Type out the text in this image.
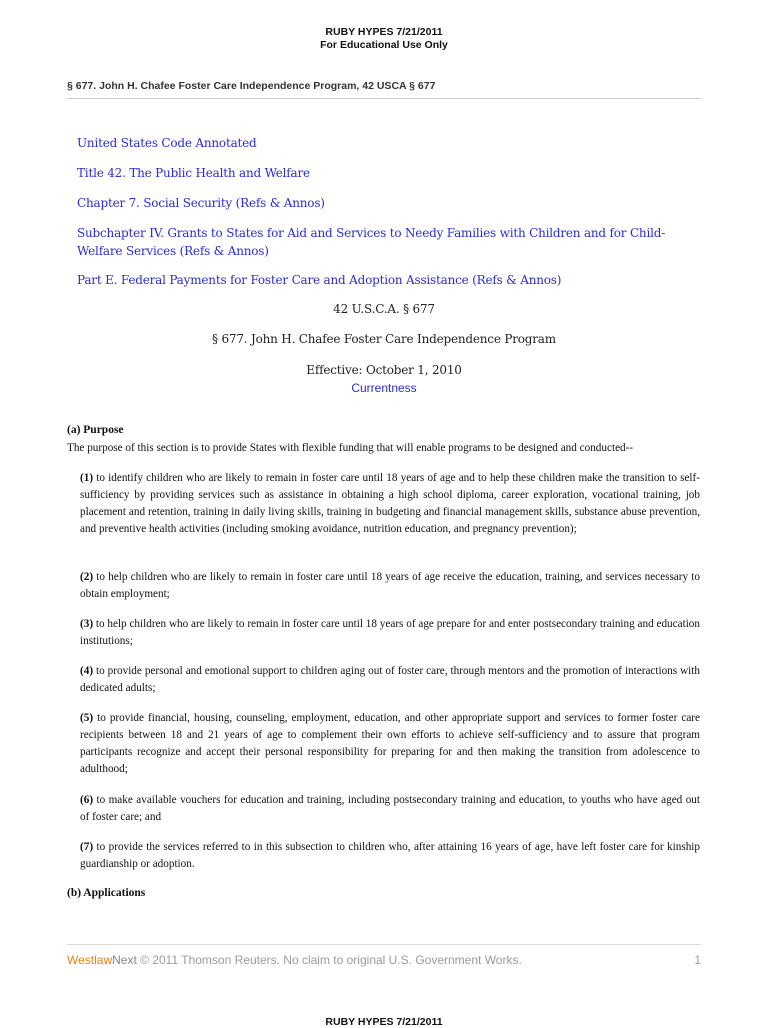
RUBY HYPES 7/21/2011
For Educational Use Only
§ 677. John H. Chafee Foster Care Independence Program, 42 USCA § 677
United States Code Annotated
Title 42. The Public Health and Welfare
Chapter 7. Social Security (Refs & Annos)
Subchapter IV. Grants to States for Aid and Services to Needy Families with Children and for Child-Welfare Services (Refs & Annos)
Part E. Federal Payments for Foster Care and Adoption Assistance (Refs & Annos)
42 U.S.C.A. § 677
§ 677. John H. Chafee Foster Care Independence Program
Effective: October 1, 2010
Currentness
(a) Purpose
The purpose of this section is to provide States with flexible funding that will enable programs to be designed and conducted--
(1) to identify children who are likely to remain in foster care until 18 years of age and to help these children make the transition to self-sufficiency by providing services such as assistance in obtaining a high school diploma, career exploration, vocational training, job placement and retention, training in daily living skills, training in budgeting and financial management skills, substance abuse prevention, and preventive health activities (including smoking avoidance, nutrition education, and pregnancy prevention);
(2) to help children who are likely to remain in foster care until 18 years of age receive the education, training, and services necessary to obtain employment;
(3) to help children who are likely to remain in foster care until 18 years of age prepare for and enter postsecondary training and education institutions;
(4) to provide personal and emotional support to children aging out of foster care, through mentors and the promotion of interactions with dedicated adults;
(5) to provide financial, housing, counseling, employment, education, and other appropriate support and services to former foster care recipients between 18 and 21 years of age to complement their own efforts to achieve self-sufficiency and to assure that program participants recognize and accept their personal responsibility for preparing for and then making the transition from adolescence to adulthood;
(6) to make available vouchers for education and training, including postsecondary training and education, to youths who have aged out of foster care; and
(7) to provide the services referred to in this subsection to children who, after attaining 16 years of age, have left foster care for kinship guardianship or adoption.
(b) Applications
WestlawNext © 2011 Thomson Reuters. No claim to original U.S. Government Works.	1
RUBY HYPES 7/21/2011
